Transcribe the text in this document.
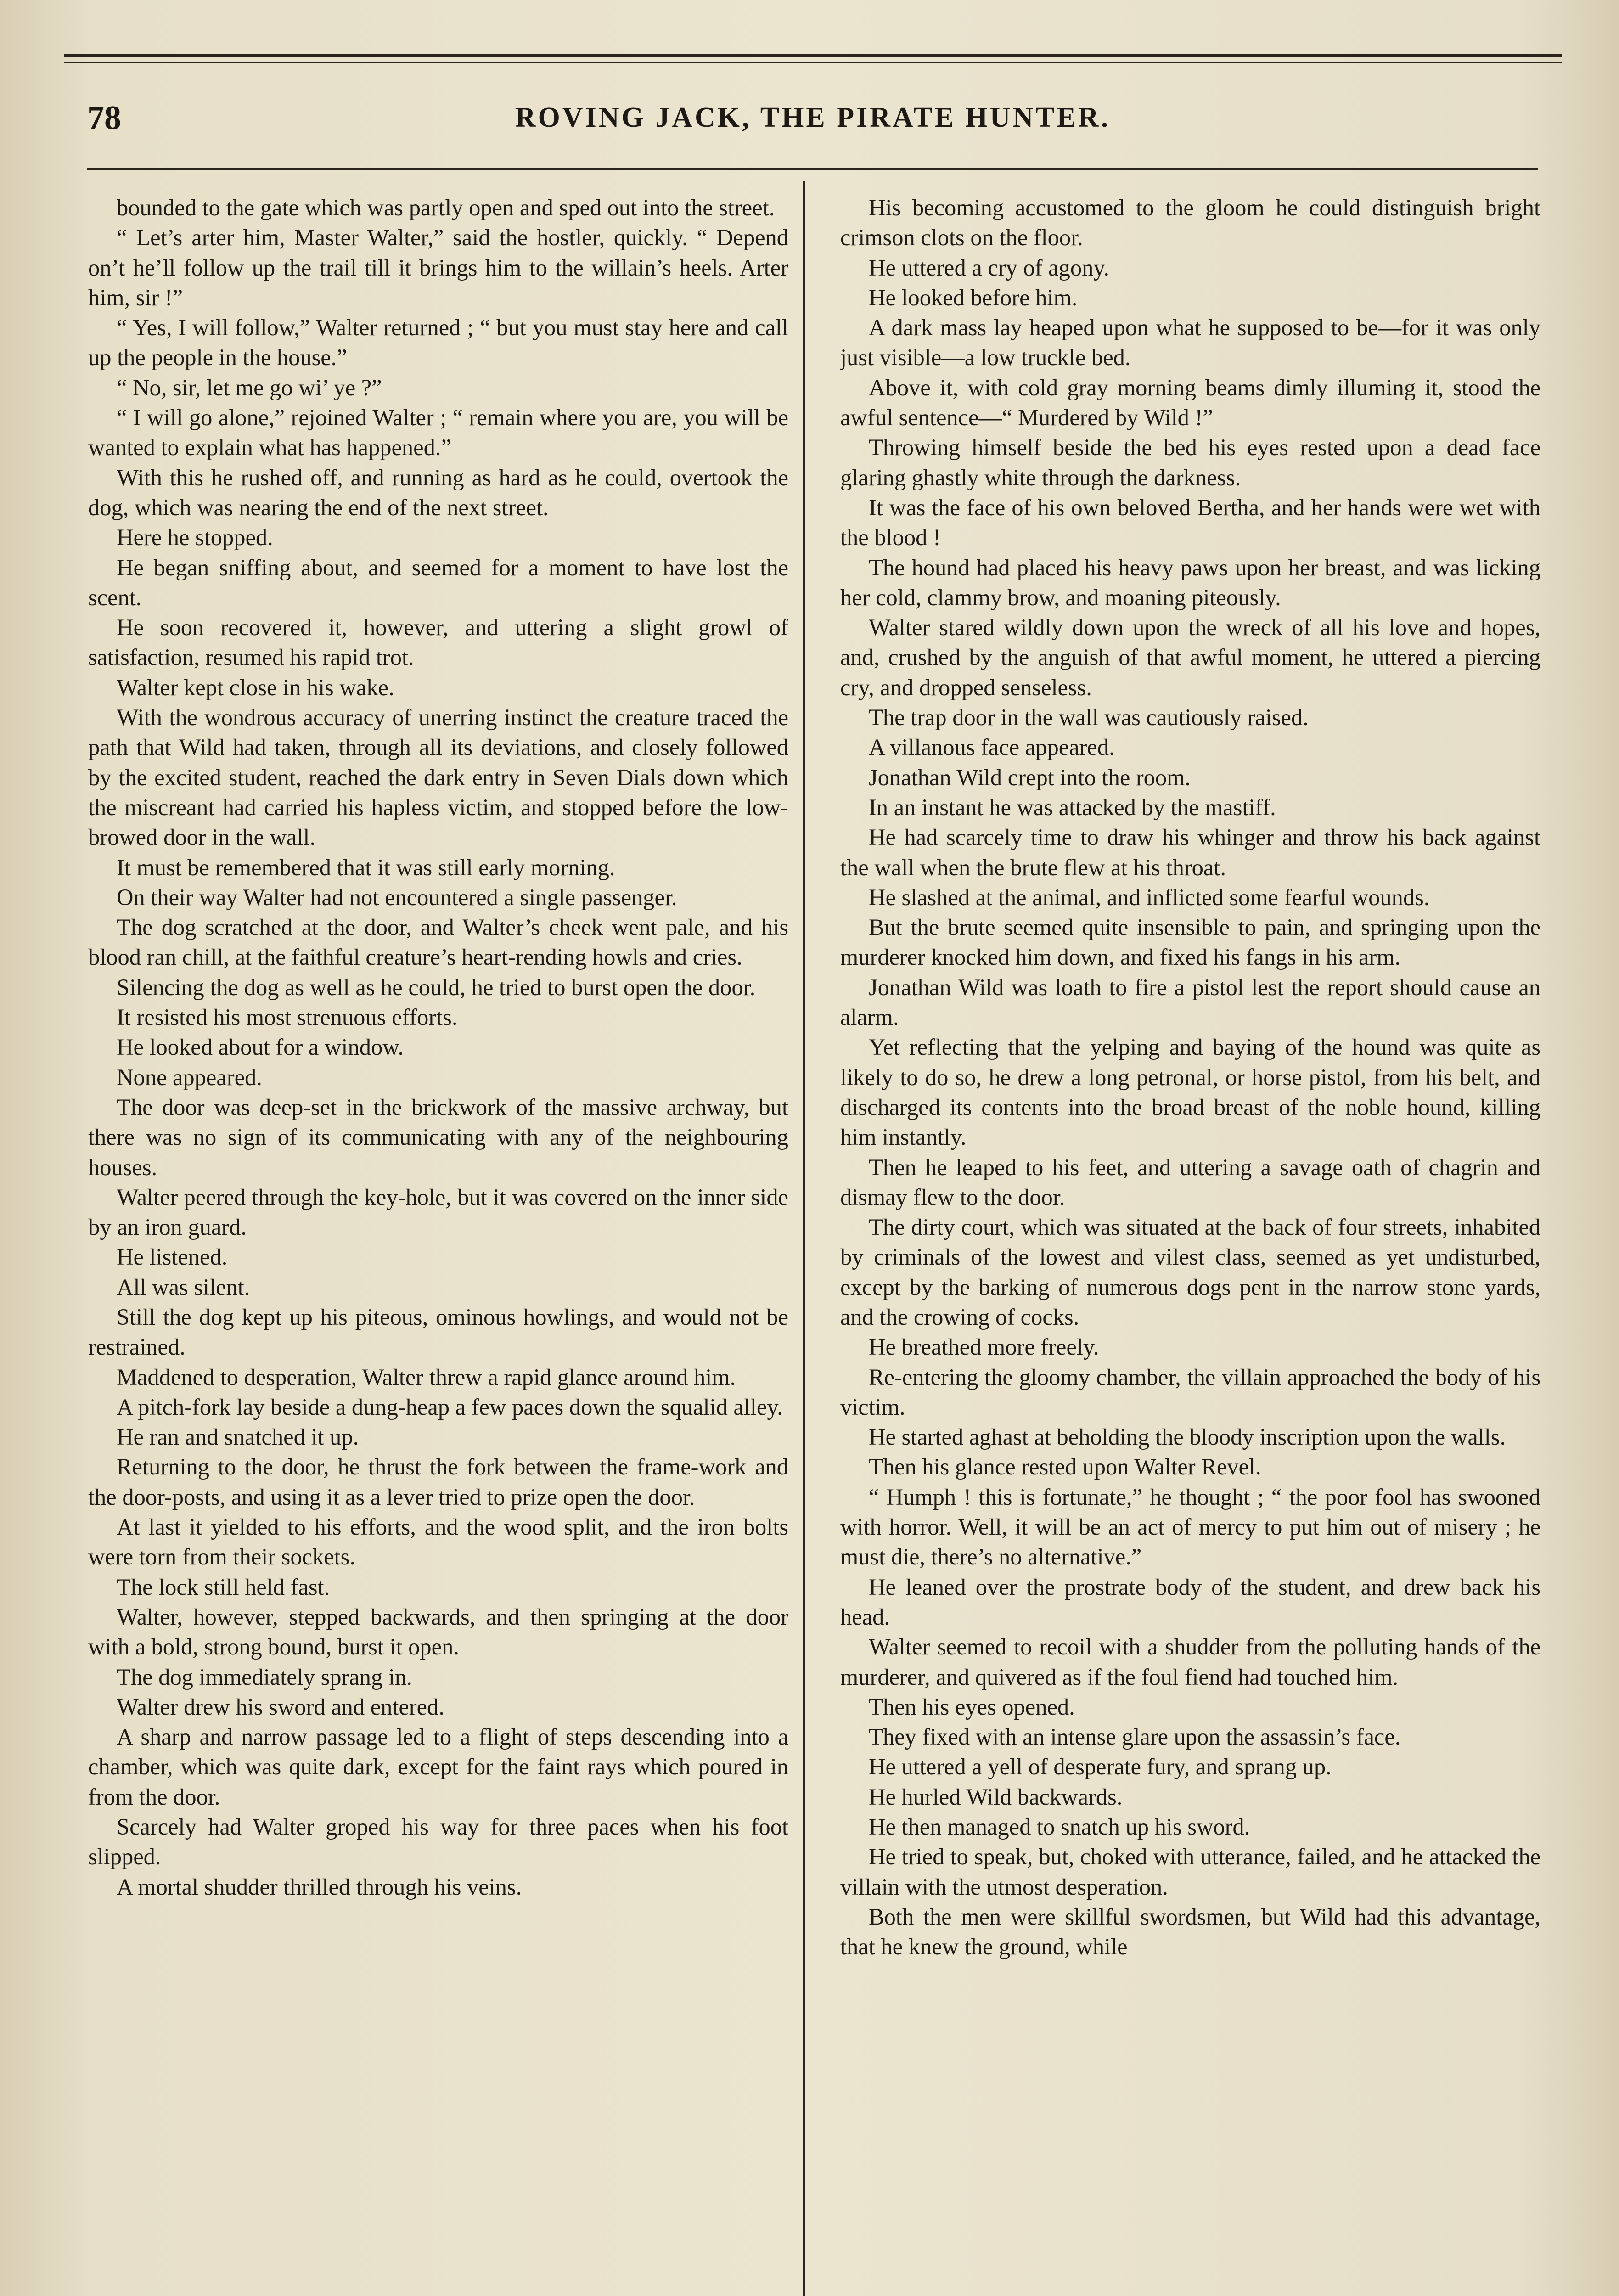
78	ROVING JACK, THE PIRATE HUNTER.

bounded to the gate which was partly open and sped out into the street.

“ Let’s arter him, Master Walter,” said the hostler, quickly. “ Depend on’t he’ll follow up the trail till it brings him to the willain’s heels. Arter him, sir !”

“ Yes, I will follow,” Walter returned ; “ but you must stay here and call up the people in the house.”

“ No, sir, let me go wi’ ye ?”

“ I will go alone,” rejoined Walter ; “ remain where you are, you will be wanted to explain what has happened.”

With this he rushed off, and running as hard as he could, overtook the dog, which was nearing the end of the next street.

Here he stopped.

He began sniffing about, and seemed for a moment to have lost the scent.

He soon recovered it, however, and uttering a slight growl of satisfaction, resumed his rapid trot.

Walter kept close in his wake.

With the wondrous accuracy of unerring instinct the creature traced the path that Wild had taken, through all its deviations, and closely followed by the excited student, reached the dark entry in Seven Dials down which the miscreant had carried his hapless victim, and stopped before the low-browed door in the wall.

It must be remembered that it was still early morning.

On their way Walter had not encountered a single passenger.

The dog scratched at the door, and Walter’s cheek went pale, and his blood ran chill, at the faithful creature’s heart-rending howls and cries.

Silencing the dog as well as he could, he tried to burst open the door.

It resisted his most strenuous efforts.

He looked about for a window.

None appeared.

The door was deep-set in the brickwork of the massive archway, but there was no sign of its communicating with any of the neighbouring houses.

Walter peered through the key-hole, but it was covered on the inner side by an iron guard.

He listened.

All was silent.

Still the dog kept up his piteous, ominous howlings, and would not be restrained.

Maddened to desperation, Walter threw a rapid glance around him.

A pitch-fork lay beside a dung-heap a few paces down the squalid alley.

He ran and snatched it up.

Returning to the door, he thrust the fork between the frame-work and the door-posts, and using it as a lever tried to prize open the door.

At last it yielded to his efforts, and the wood split, and the iron bolts were torn from their sockets.

The lock still held fast.

Walter, however, stepped backwards, and then springing at the door with a bold, strong bound, burst it open.

The dog immediately sprang in.

Walter drew his sword and entered.

A sharp and narrow passage led to a flight of steps descending into a chamber, which was quite dark, except for the faint rays which poured in from the door.

Scarcely had Walter groped his way for three paces when his foot slipped.

A mortal shudder thrilled through his veins.

His becoming accustomed to the gloom he could distinguish bright crimson clots on the floor.

He uttered a cry of agony.

He looked before him.

A dark mass lay heaped upon what he supposed to be—for it was only just visible—a low truckle bed.

Above it, with cold gray morning beams dimly illuming it, stood the awful sentence—“ Murdered by Wild !”

Throwing himself beside the bed his eyes rested upon a dead face glaring ghastly white through the darkness.

It was the face of his own beloved Bertha, and her hands were wet with the blood !

The hound had placed his heavy paws upon her breast, and was licking her cold, clammy brow, and moaning piteously.

Walter stared wildly down upon the wreck of all his love and hopes, and, crushed by the anguish of that awful moment, he uttered a piercing cry, and dropped senseless.

The trap door in the wall was cautiously raised.

A villanous face appeared.

Jonathan Wild crept into the room.

In an instant he was attacked by the mastiff.

He had scarcely time to draw his whinger and throw his back against the wall when the brute flew at his throat.

He slashed at the animal, and inflicted some fearful wounds.

But the brute seemed quite insensible to pain, and springing upon the murderer knocked him down, and fixed his fangs in his arm.

Jonathan Wild was loath to fire a pistol lest the report should cause an alarm.

Yet reflecting that the yelping and baying of the hound was quite as likely to do so, he drew a long petronal, or horse pistol, from his belt, and discharged its contents into the broad breast of the noble hound, killing him instantly.

Then he leaped to his feet, and uttering a savage oath of chagrin and dismay flew to the door.

The dirty court, which was situated at the back of four streets, inhabited by criminals of the lowest and vilest class, seemed as yet undisturbed, except by the barking of numerous dogs pent in the narrow stone yards, and the crowing of cocks.

He breathed more freely.

Re-entering the gloomy chamber, the villain approached the body of his victim.

He started aghast at beholding the bloody inscription upon the walls.

Then his glance rested upon Walter Revel.

“ Humph ! this is fortunate,” he thought ; “ the poor fool has swooned with horror. Well, it will be an act of mercy to put him out of misery ; he must die, there’s no alternative.”

He leaned over the prostrate body of the student, and drew back his head.

Walter seemed to recoil with a shudder from the polluting hands of the murderer, and quivered as if the foul fiend had touched him.

Then his eyes opened.

They fixed with an intense glare upon the assassin’s face.

He uttered a yell of desperate fury, and sprang up.

He hurled Wild backwards.

He then managed to snatch up his sword.

He tried to speak, but, choked with utterance, failed, and he attacked the villain with the utmost desperation.

Both the men were skillful swordsmen, but Wild had this advantage, that he knew the ground, while
